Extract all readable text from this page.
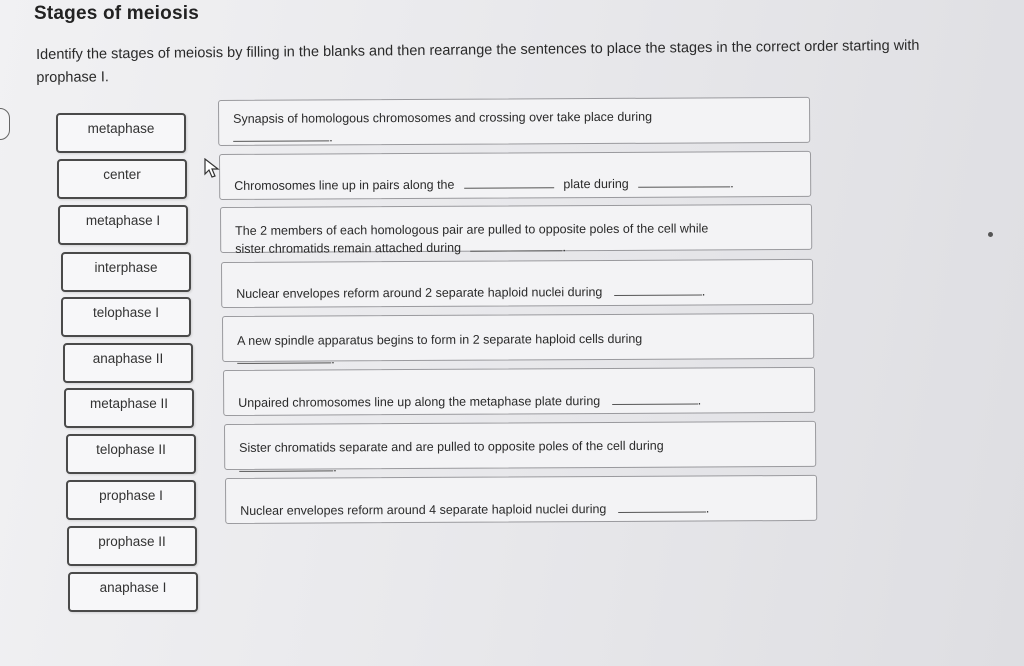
Stages of meiosis
Identify the stages of meiosis by filling in the blanks and then rearrange the sentences to place the stages in the correct order starting with prophase I.
metaphase
center
metaphase I
interphase
telophase I
anaphase II
metaphase II
telophase II
prophase I
prophase II
anaphase I
Synapsis of homologous chromosomes and crossing over take place during
.
Chromosomes line up in pairs along the	plate during	.
The 2 members of each homologous pair are pulled to opposite poles of the cell while
sister chromatids remain attached during	.
Nuclear envelopes reform around 2 separate haploid nuclei during	.
A new spindle apparatus begins to form in 2 separate haploid cells during
.
Unpaired chromosomes line up along the metaphase plate during	.
Sister chromatids separate and are pulled to opposite poles of the cell during
.
Nuclear envelopes reform around 4 separate haploid nuclei during	.
